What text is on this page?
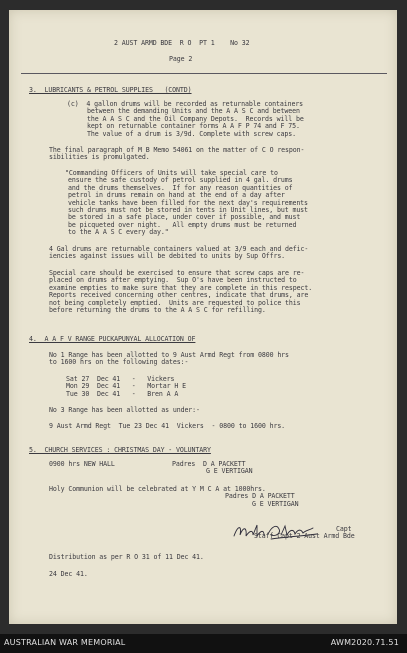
2 AUST ARMD BDE  R O  PT 1    No 32

Page 2

3.  LUBRICANTS & PETROL SUPPLIES   (CONTD)

(c)  4 gallon drums will be recorded as returnable containers

between the demanding Units and the A A S C and between

the A A S C and the Oil Company Depots.  Records will be

kept on returnable container forms A A F P 74 and F 75.

The value of a drum is 3/9d. Complete with screw caps.

The final paragraph of M B Memo 54061 on the matter of C O respon-

sibilities is promulgated.

"Commanding Officers of Units will take special care to

ensure the safe custody of petrol supplied in 4 gal. drums

and the drums themselves.  If for any reason quantities of

petrol in drums remain on hand at the end of a day after

vehicle tanks have been filled for the next day's requirements

such drums must not be stored in tents in Unit lines, but must

be stored in a safe place, under cover if possible, and must

be picqueted over night.   All empty drums must be returned

to the A A S C every day."

4 Gal drums are returnable containers valued at 3/9 each and defic-

iencies against issues will be debited to units by Sup Offrs.

Special care should be exercised to ensure that screw caps are re-

placed on drums after emptying.  Sup O's have been instructed to

examine empties to make sure that they are complete in this respect.

Reports received concerning other centres, indicate that drums, are

not being completely emptied.  Units are requested to police this

before returning the drums to the A A S C for refilling.

4.  A A F V RANGE PUCKAPUNYAL ALLOCATION OF

No 1 Range has been allotted to 9 Aust Armd Regt from 0800 hrs

to 1600 hrs on the following dates:-

Sat 27  Dec 41   -   Vickers

Mon 29  Dec 41   -   Mortar H E

Tue 30  Dec 41   -   Bren A A

No 3 Range has been allotted as under:-

9 Aust Armd Regt  Tue 23 Dec 41  Vickers  - 0800 to 1600 hrs.

5.  CHURCH SERVICES : CHRISTMAS DAY - VOLUNTARY

0900 hrs NEW HALL	Padres  D A PACKETT

G E VERTIGAN

Holy Communion will be celebrated at Y M C A at 1000hrs.

Padres D A PACKETT

G E VERTIGAN

Capt

Staff Capt 2 Aust Armd Bde

Distribution as per R O 31 of 11 Dec 41.

24 Dec 41.

AUSTRALIAN WAR MEMORIAL	AWM2020.71.51
